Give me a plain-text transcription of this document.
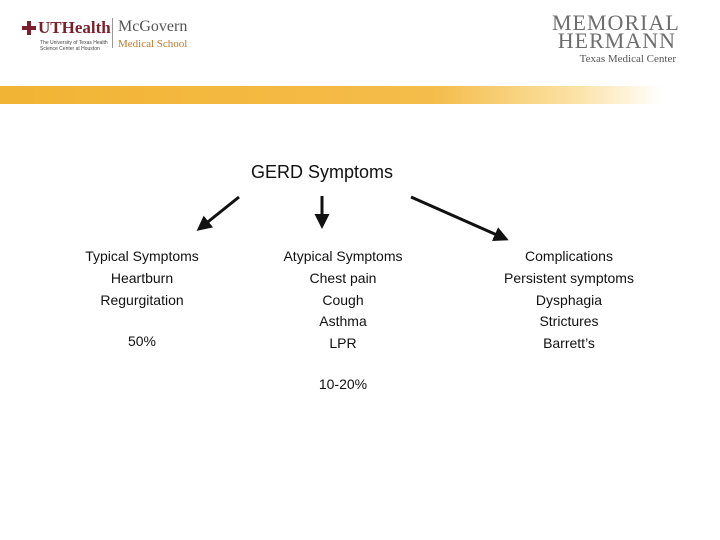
UTHealth
The University of Texas Health Science Center at Houston
McGovern
Medical School
MEMORIAL
HERMANN
Texas Medical Center
GERD Symptoms
Typical Symptoms
Heartburn
Regurgitation
50%
Atypical Symptoms
Chest pain
Cough
Asthma
LPR
10-20%
Complications
Persistent symptoms
Dysphagia
Strictures
Barrett’s
